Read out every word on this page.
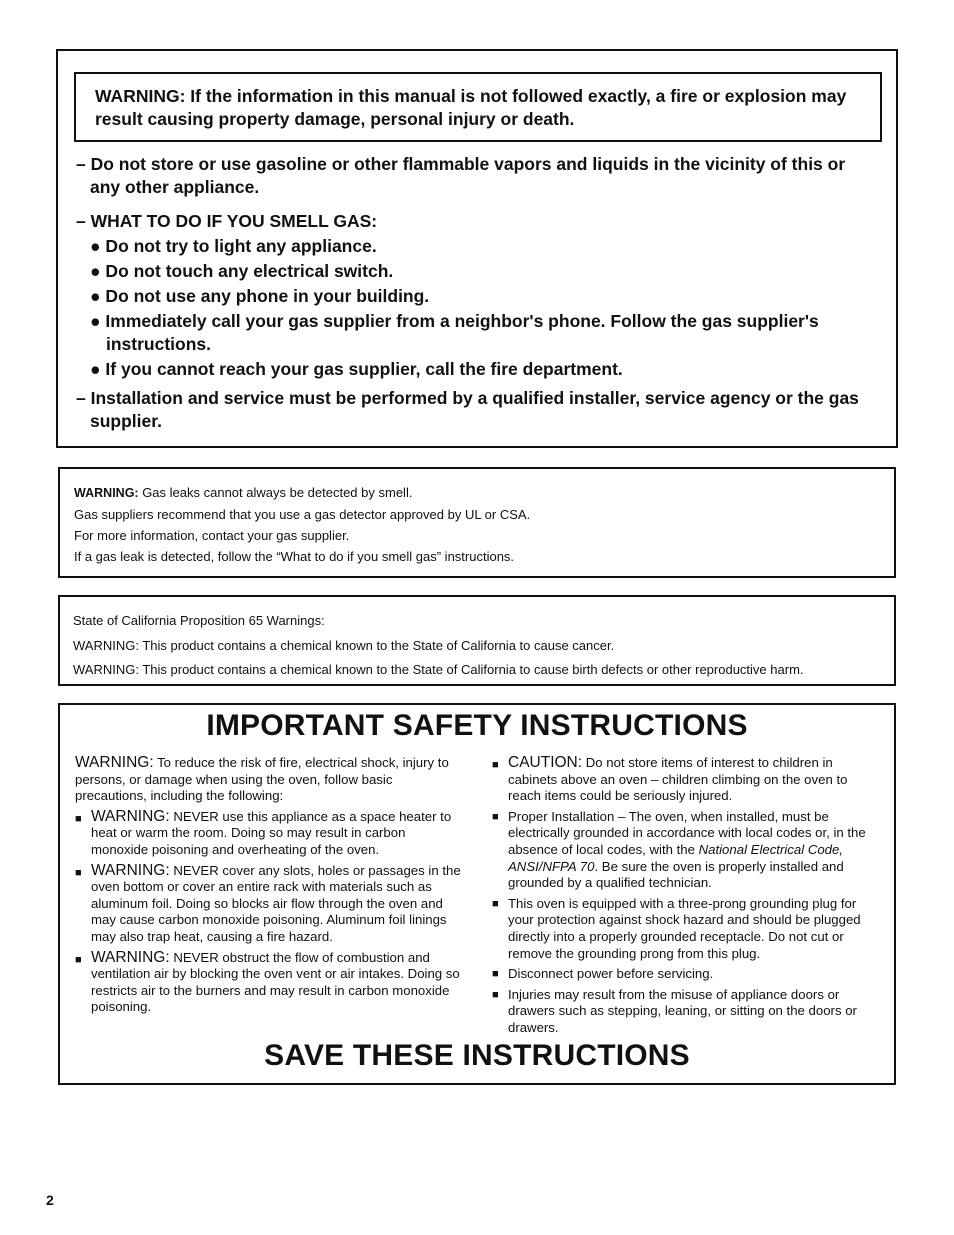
WARNING: If the information in this manual is not followed exactly, a fire or explosion may result causing property damage, personal injury or death.
– Do not store or use gasoline or other flammable vapors and liquids in the vicinity of this or any other appliance.
– WHAT TO DO IF YOU SMELL GAS:
● Do not try to light any appliance.
● Do not touch any electrical switch.
● Do not use any phone in your building.
● Immediately call your gas supplier from a neighbor's phone. Follow the gas supplier's instructions.
● If you cannot reach your gas supplier, call the fire department.
– Installation and service must be performed by a qualified installer, service agency or the gas supplier.
WARNING: Gas leaks cannot always be detected by smell.
Gas suppliers recommend that you use a gas detector approved by UL or CSA.
For more information, contact your gas supplier.
If a gas leak is detected, follow the “What to do if you smell gas” instructions.
State of California Proposition 65 Warnings:
WARNING: This product contains a chemical known to the State of California to cause cancer.
WARNING: This product contains a chemical known to the State of California to cause birth defects or other reproductive harm.
IMPORTANT SAFETY INSTRUCTIONS
WARNING: To reduce the risk of fire, electrical shock, injury to persons, or damage when using the oven, follow basic precautions, including the following:
■ WARNING: NEVER use this appliance as a space heater to heat or warm the room. Doing so may result in carbon monoxide poisoning and overheating of the oven.
■ WARNING: NEVER cover any slots, holes or passages in the oven bottom or cover an entire rack with materials such as aluminum foil. Doing so blocks air flow through the oven and may cause carbon monoxide poisoning. Aluminum foil linings may also trap heat, causing a fire hazard.
■ WARNING: NEVER obstruct the flow of combustion and ventilation air by blocking the oven vent or air intakes. Doing so restricts air to the burners and may result in carbon monoxide poisoning.
■ CAUTION: Do not store items of interest to children in cabinets above an oven – children climbing on the oven to reach items could be seriously injured.
■ Proper Installation – The oven, when installed, must be electrically grounded in accordance with local codes or, in the absence of local codes, with the National Electrical Code, ANSI/NFPA 70. Be sure the oven is properly installed and grounded by a qualified technician.
■ This oven is equipped with a three-prong grounding plug for your protection against shock hazard and should be plugged directly into a properly grounded receptacle. Do not cut or remove the grounding prong from this plug.
■ Disconnect power before servicing.
■ Injuries may result from the misuse of appliance doors or drawers such as stepping, leaning, or sitting on the doors or drawers.
SAVE THESE INSTRUCTIONS
2
